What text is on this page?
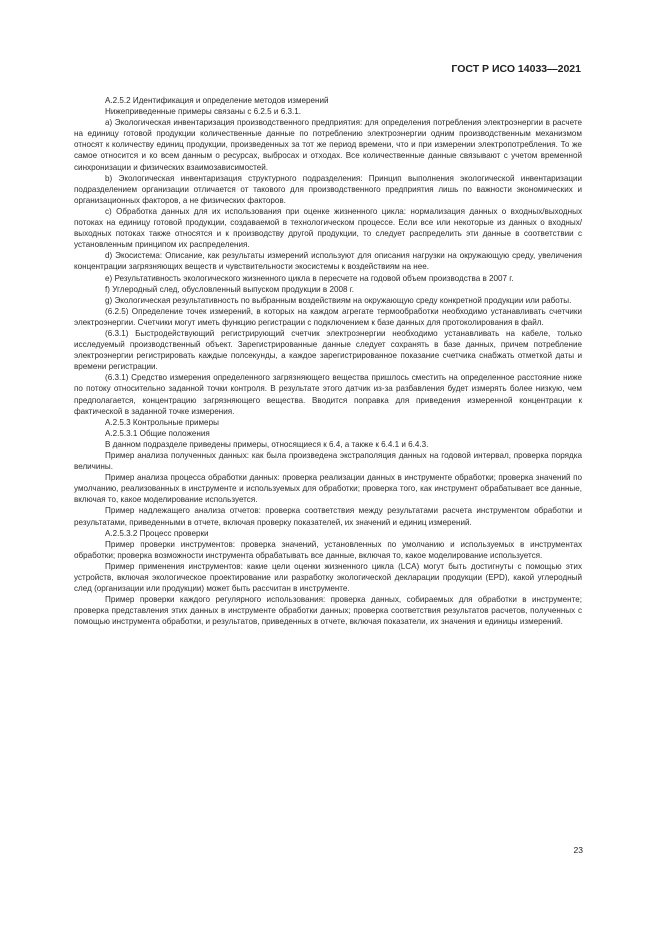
ГОСТ Р ИСО 14033—2021

А.2.5.2 Идентификация и определение методов измерений

Нижеприведенные примеры связаны с 6.2.5 и 6.3.1.

a) Экологическая инвентаризация производственного предприятия: для определения потребления электроэнергии в расчете на единицу готовой продукции количественные данные по потреблению электроэнергии одним производственным механизмом относят к количеству единиц продукции, произведенных за тот же период времени, что и при измерении электропотребления. То же самое относится и ко всем данным о ресурсах, выбросах и отходах. Все количественные данные связывают с учетом временной синхронизации и физических взаимозависимостей.

b) Экологическая инвентаризация структурного подразделения: Принцип выполнения экологической инвентаризации подразделением организации отличается от такового для производственного предприятия лишь по важности экономических и организационных факторов, а не физических факторов.

c) Обработка данных для их использования при оценке жизненного цикла: нормализация данных о входных/выходных потоках на единицу готовой продукции, создаваемой в технологическом процессе. Если все или некоторые из данных о входных/выходных потоках также относятся и к производству другой продукции, то следует распределить эти данные в соответствии с установленным принципом их распределения.

d) Экосистема: Описание, как результаты измерений используют для описания нагрузки на окружающую среду, увеличения концентрации загрязняющих веществ и чувствительности экосистемы к воздействиям на нее.

e) Результативность экологического жизненного цикла в пересчете на годовой объем производства в 2007 г.

f) Углеродный след, обусловленный выпуском продукции в 2008 г.

g) Экологическая результативность по выбранным воздействиям на окружающую среду конкретной продукции или работы.

(6.2.5) Определение точек измерений, в которых на каждом агрегате термообработки необходимо устанавливать счетчики электроэнергии. Счетчики могут иметь функцию регистрации с подключением к базе данных для протоколирования в файл.

(6.3.1) Быстродействующий регистрирующий счетчик электроэнергии необходимо устанавливать на кабеле, только исследуемый производственный объект. Зарегистрированные данные следует сохранять в базе данных, причем потребление электроэнергии регистрировать каждые полсекунды, а каждое зарегистрированное показание счетчика снабжать отметкой даты и времени регистрации.

(6.3.1) Средство измерения определенного загрязняющего вещества пришлось сместить на определенное расстояние ниже по потоку относительно заданной точки контроля. В результате этого датчик из-за разбавления будет измерять более низкую, чем предполагается, концентрацию загрязняющего вещества. Вводится поправка для приведения измеренной концентрации к фактической в заданной точке измерения.

А.2.5.3 Контрольные примеры

А.2.5.3.1 Общие положения

В данном подразделе приведены примеры, относящиеся к 6.4, а также к 6.4.1 и 6.4.3.

Пример анализа полученных данных: как была произведена экстраполяция данных на годовой интервал, проверка порядка величины.

Пример анализа процесса обработки данных: проверка реализации данных в инструменте обработки; проверка значений по умолчанию, реализованных в инструменте и используемых для обработки; проверка того, как инструмент обрабатывает все данные, включая то, какое моделирование используется.

Пример надлежащего анализа отчетов: проверка соответствия между результатами расчета инструментом обработки и результатами, приведенными в отчете, включая проверку показателей, их значений и единиц измерений.

А.2.5.3.2 Процесс проверки

Пример проверки инструментов: проверка значений, установленных по умолчанию и используемых в инструментах обработки; проверка возможности инструмента обрабатывать все данные, включая то, какое моделирование используется.

Пример применения инструментов: какие цели оценки жизненного цикла (LCA) могут быть достигнуты с помощью этих устройств, включая экологическое проектирование или разработку экологической декларации продукции (EPD), какой углеродный след (организации или продукции) может быть рассчитан в инструменте.

Пример проверки каждого регулярного использования: проверка данных, собираемых для обработки в инструменте; проверка представления этих данных в инструменте обработки данных; проверка соответствия результатов расчетов, полученных с помощью инструмента обработки, и результатов, приведенных в отчете, включая показатели, их значения и единицы измерений.

23
